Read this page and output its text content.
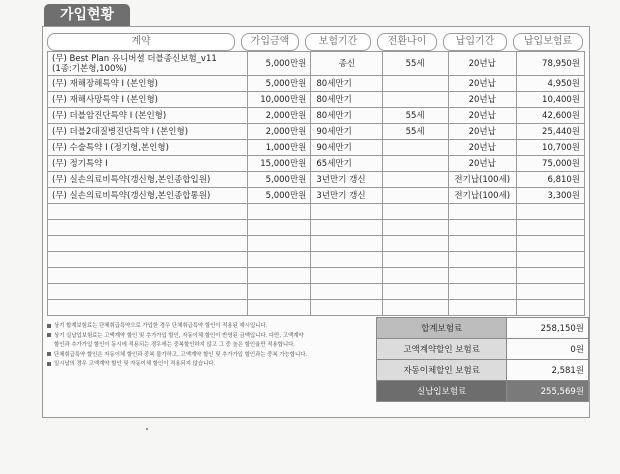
가입현황
계약	가입금액	보험기간	전환나이	납입기간	납입보험료
(무) Best Plan 유니버셜 더블종신보험_v11
(1종:기본형,100%)	5,000만원	종신	55세	20년납	78,950원
(무) 재해장해특약 I (본인형)	5,000만원	80세만기		20년납	4,950원
(무) 재해사망특약 I (본인형)	10,000만원	80세만기		20년납	10,400원
(무) 더블암진단특약 I (본인형)	2,000만원	80세만기	55세	20년납	42,600원
(무) 더블2대질병진단특약 I (본인형)	2,000만원	90세만기	55세	20년납	25,440원
(무) 수술특약 I (정기형,본인형)	1,000만원	90세만기		20년납	10,700원
(무) 정기특약 I	15,000만원	65세만기		20년납	75,000원
(무) 실손의료비특약(갱신형,본인종합입원)	5,000만원	3년만기 갱신		전기납(100세)	6,810원
(무) 실손의료비특약(갱신형,본인종합통원)	5,000만원	3년만기 갱신		전기납(100세)	3,300원

상기 합계보험료는 단체취급특약으로 가입한 경우 단체취급특약 할인이 적용된 예시입니다.
상기 실납입보험료는 고액계약 할인 및 추가가입 할인, 자동이체 할인이 반영된 금액입니다. 다만, 고액계약
할인과 추가가입 할인이 동시에 적용되는 경우에는 중복할인하지 않고 그 중 높은 할인율만 적용합니다.
단체취급특약 할인은 자동이체 할인과 중복 불가하고, 고액계약 할인 및 추가가입 할인과는 중복 가능합니다.
일시납의 경우 고액계약 할인 및 자동이체 할인이 적용되지 않습니다.
합계보험료	258,150원
고액계약할인 보험료	0원
자동이체할인 보험료	2,581원
실납입보험료	255,569원
